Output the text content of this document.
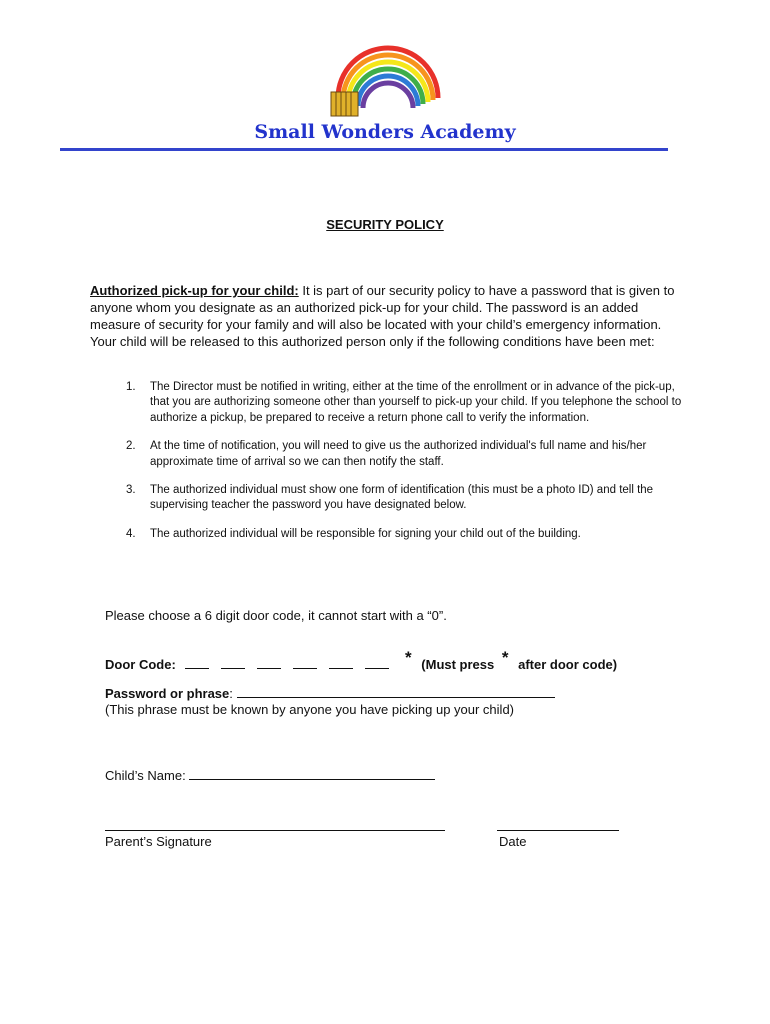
Small Wonders Academy
SECURITY POLICY
Authorized pick-up for your child: It is part of our security policy to have a password that is given to anyone whom you designate as an authorized pick-up for your child. The password is an added measure of security for your family and will also be located with your child’s emergency information. Your child will be released to this authorized person only if the following conditions have been met:
1.	The Director must be notified in writing, either at the time of the enrollment or in advance of the pick-up, that you are authorizing someone other than yourself to pick-up your child. If you telephone the school to authorize a pickup, be prepared to receive a return phone call to verify the information.
2.	At the time of notification, you will need to give us the authorized individual's full name and his/her approximate time of arrival so we can then notify the staff.
3.	The authorized individual must show one form of identification (this must be a photo ID) and tell the supervising teacher the password you have designated below.
4.	The authorized individual will be responsible for signing your child out of the building.
Please choose a 6 digit door code, it cannot start with a “0”.
Door Code:	* (Must press * after door code)
Password or phrase:
(This phrase must be known by anyone you have picking up your child)
Child’s Name:
Parent’s Signature	Date
